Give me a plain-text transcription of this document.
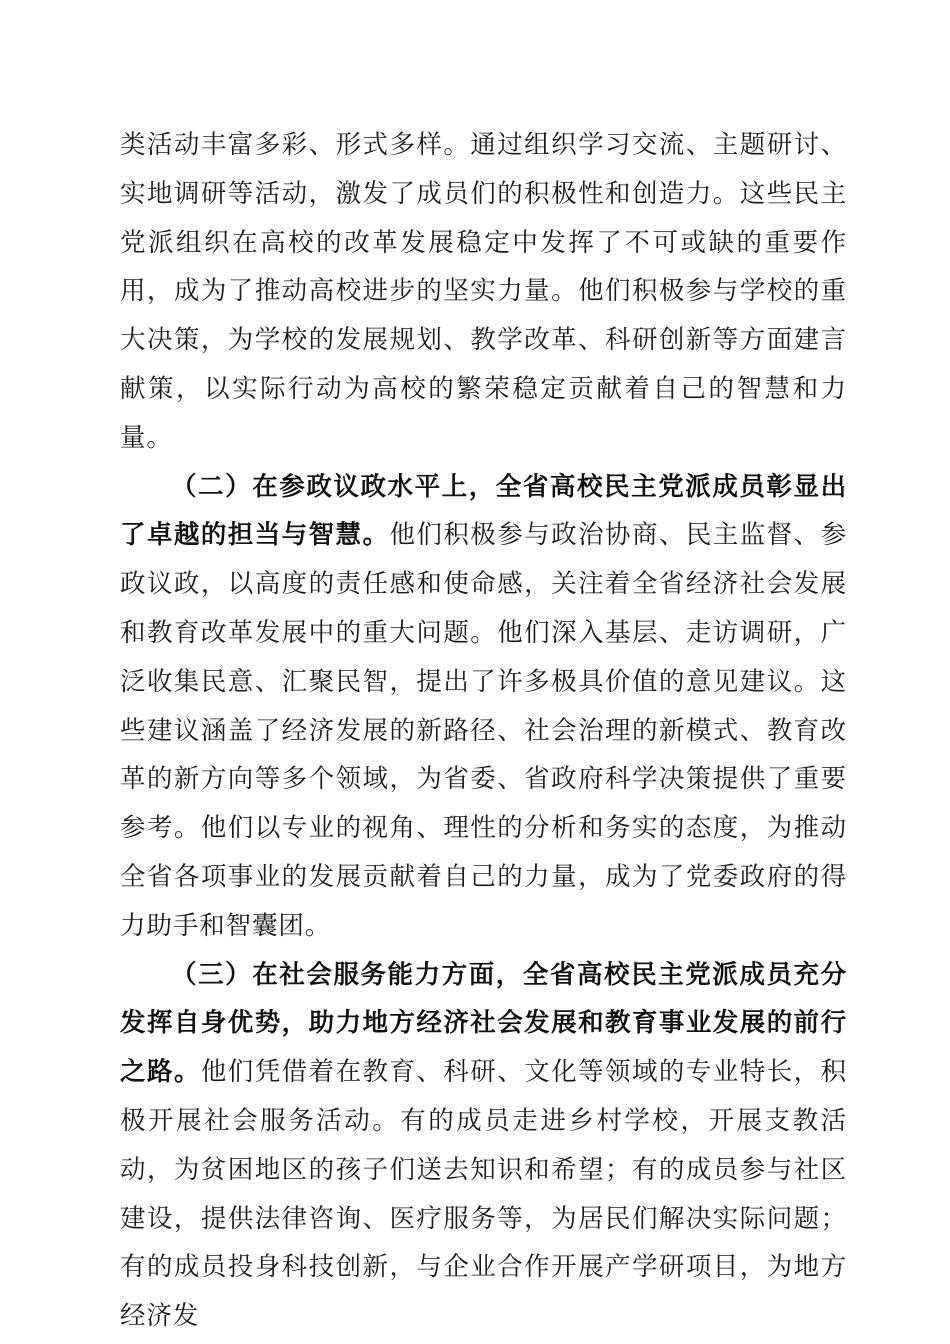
类活动丰富多彩、形式多样。通过组织学习交流、主题研讨、实地调研等活动，激发了成员们的积极性和创造力。这些民主党派组织在高校的改革发展稳定中发挥了不可或缺的重要作用，成为了推动高校进步的坚实力量。他们积极参与学校的重大决策，为学校的发展规划、教学改革、科研创新等方面建言献策，以实际行动为高校的繁荣稳定贡献着自己的智慧和力量。

（二）在参政议政水平上，全省高校民主党派成员彰显出了卓越的担当与智慧。他们积极参与政治协商、民主监督、参政议政，以高度的责任感和使命感，关注着全省经济社会发展和教育改革发展中的重大问题。他们深入基层、走访调研，广泛收集民意、汇聚民智，提出了许多极具价值的意见建议。这些建议涵盖了经济发展的新路径、社会治理的新模式、教育改革的新方向等多个领域，为省委、省政府科学决策提供了重要参考。他们以专业的视角、理性的分析和务实的态度，为推动全省各项事业的发展贡献着自己的力量，成为了党委政府的得力助手和智囊团。

（三）在社会服务能力方面，全省高校民主党派成员充分发挥自身优势，助力地方经济社会发展和教育事业发展的前行之路。他们凭借着在教育、科研、文化等领域的专业特长，积极开展社会服务活动。有的成员走进乡村学校，开展支教活动，为贫困地区的孩子们送去知识和希望；有的成员参与社区建设，提供法律咨询、医疗服务等，为居民们解决实际问题；有的成员投身科技创新，与企业合作开展产学研项目，为地方经济发
